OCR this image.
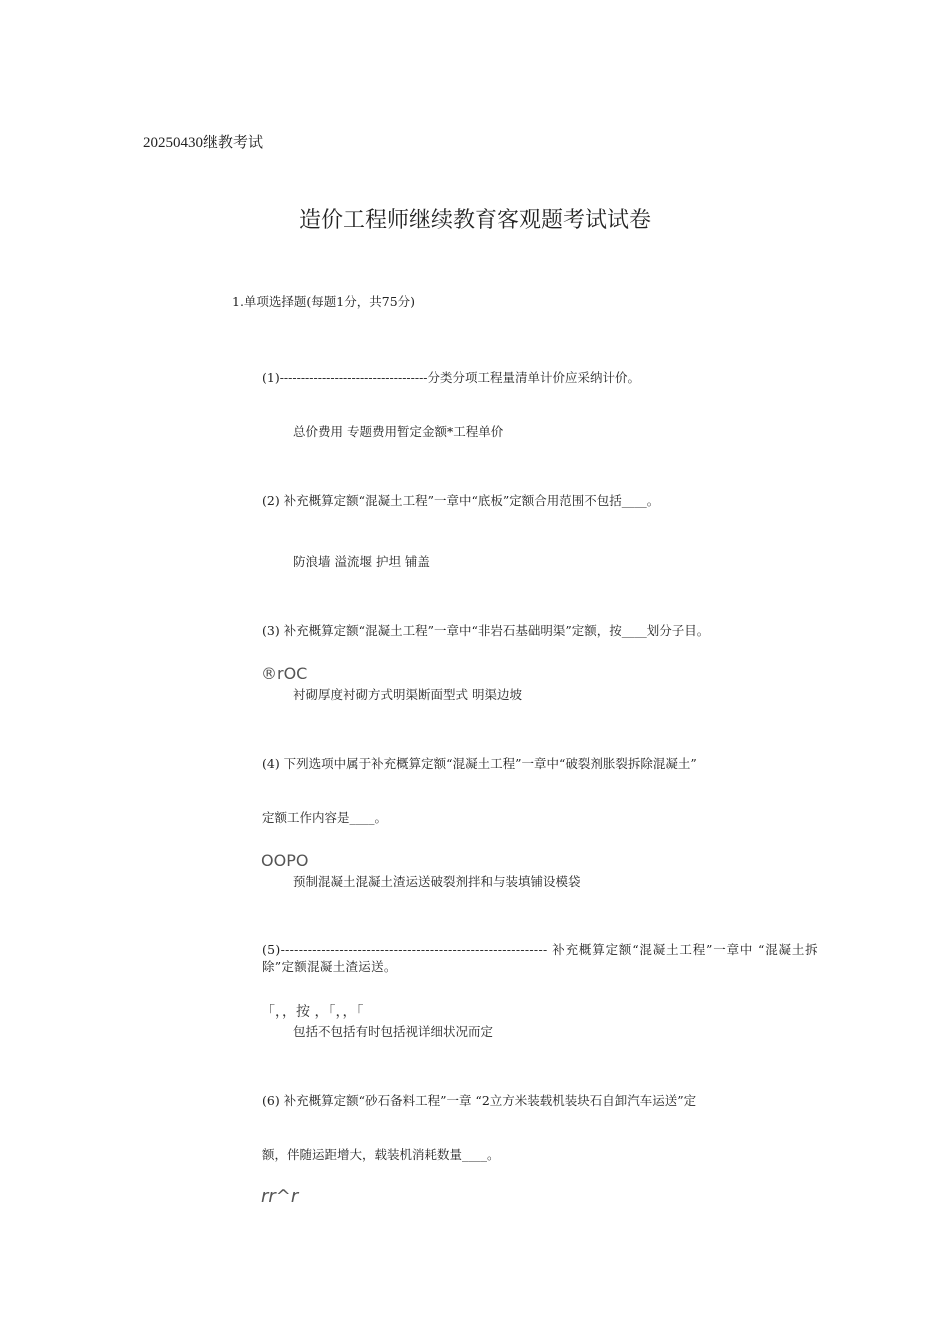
20250430继教考试
造价工程师继续教育客观题考试试卷
1.单项选择题(每题1分，共75分)
(1)-----------------------------------分类分项工程量清单计价应采纳计价。
总价费用 专题费用暂定金额*工程单价
(2) 补充概算定额“混凝土工程”一章中“底板”定额合用范围不包括____。
防浪墙 溢流堰 护坦 铺盖
(3) 补充概算定额“混凝土工程”一章中“非岩石基础明渠”定额，按____划分子目。
®rOC
衬砌厚度衬砌方式明渠断面型式 明渠边坡
(4) 下列选项中属于补充概算定额“混凝土工程”一章中“破裂剂胀裂拆除混凝土”
定额工作内容是____。
OOPO
预制混凝土混凝土渣运送破裂剂拌和与装填铺设模袋
(5)----------------------------------------------------------- 补充概算定额“混凝土工程”一章中 “混凝土拆除”定额混凝土渣运送。
「，，按 ，「，，「
包括不包括有时包括视详细状况而定
(6) 补充概算定额“砂石备料工程”一章 “2立方米装载机装块石自卸汽车运送”定
额，伴随运距增大，载装机消耗数量____。
rr^r
